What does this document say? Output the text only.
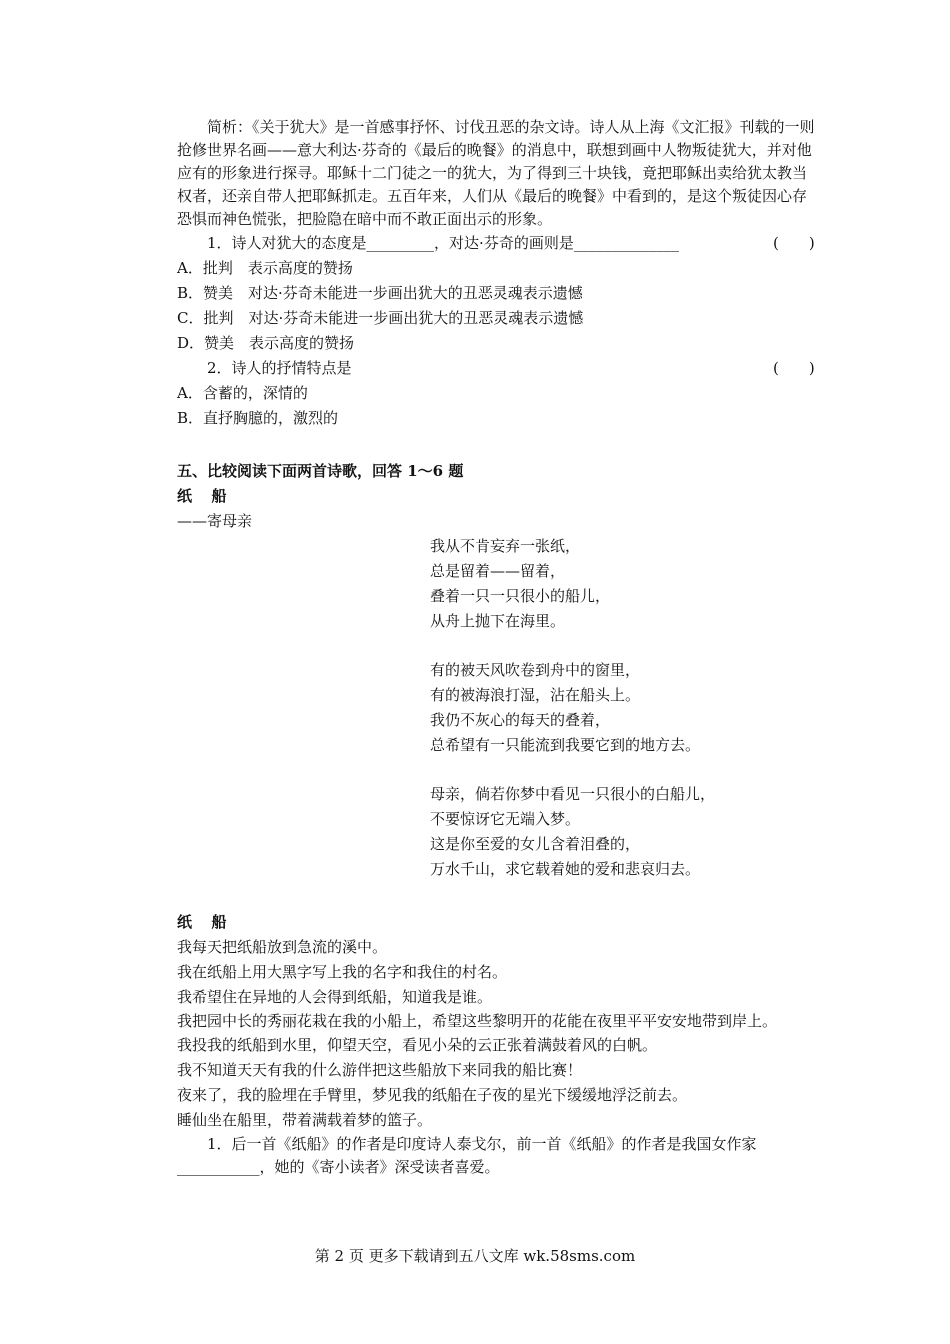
简析：《关于犹大》是一首感事抒怀、讨伐丑恶的杂文诗。诗人从上海《文汇报》刊载的一则抢修世界名画——意大利达·芬奇的《最后的晚餐》的消息中，联想到画中人物叛徒犹大，并对他应有的形象进行探寻。耶稣十二门徒之一的犹大，为了得到三十块钱，竟把耶稣出卖给犹太教当权者，还亲自带人把耶稣抓走。五百年来，人们从《最后的晚餐》中看到的，是这个叛徒因心存恐惧而神色慌张，把脸隐在暗中而不敢正面出示的形象。

1．诗人对犹大的态度是_________，对达·芬奇的画则是______________	(　　)
A．批判　表示高度的赞扬
B．赞美　对达·芬奇未能进一步画出犹大的丑恶灵魂表示遗憾
C．批判　对达·芬奇未能进一步画出犹大的丑恶灵魂表示遗憾
D．赞美　表示高度的赞扬
2．诗人的抒情特点是	(　　)
A．含蓄的，深情的
B．直抒胸臆的，激烈的
五、比较阅读下面两首诗歌，回答 1～6 题
纸船
——寄母亲
我从不肯妄弃一张纸，
总是留着——留着，
叠着一只一只很小的船儿，
从舟上抛下在海里。
有的被天风吹卷到舟中的窗里，
有的被海浪打湿，沾在船头上。
我仍不灰心的每天的叠着，
总希望有一只能流到我要它到的地方去。
母亲，倘若你梦中看见一只很小的白船儿，
不要惊讶它无端入梦。
这是你至爱的女儿含着泪叠的，
万水千山，求它载着她的爱和悲哀归去。
纸船
我每天把纸船放到急流的溪中。
我在纸船上用大黑字写上我的名字和我住的村名。
我希望住在异地的人会得到纸船，知道我是谁。
我把园中长的秀丽花栽在我的小船上，希望这些黎明开的花能在夜里平平安安地带到岸上。
我投我的纸船到水里，仰望天空，看见小朵的云正张着满鼓着风的白帆。
我不知道天天有我的什么游伴把这些船放下来同我的船比赛！
夜来了，我的脸埋在手臂里，梦见我的纸船在子夜的星光下缓缓地浮泛前去。
睡仙坐在船里，带着满载着梦的篮子。

1．后一首《纸船》的作者是印度诗人泰戈尔，前一首《纸船》的作者是我国女作家___________，她的《寄小读者》深受读者喜爱。

第 2 页 更多下载请到五八文库 wk.58sms.com
